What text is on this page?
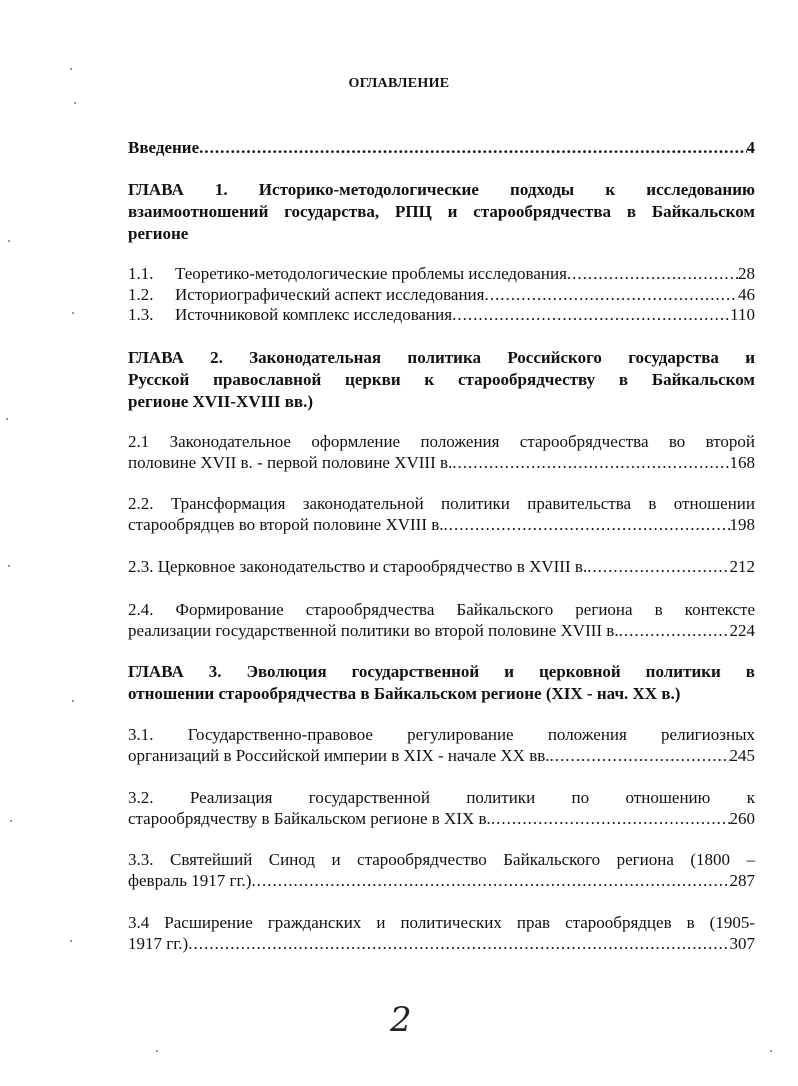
ОГЛАВЛЕНИЕ
Введение .....	4
ГЛАВА 1. Историко-методологические подходы к исследованию
взаимоотношений государства, РПЦ и старообрядчества в Байкальском
регионе
1.1. Теоретико-методологические проблемы исследования .....	28
1.2. Историографический аспект исследования .....	46
1.3. Источниковой комплекс исследования .....	110
ГЛАВА 2. Законодательная политика Российского государства и
Русской православной церкви к старообрядчеству в Байкальском
регионе XVII-XVIII вв.)
2.1 Законодательное оформление положения старообрядчества во второй
половине XVII в. - первой половине XVIII в. .....	168
2.2. Трансформация законодательной политики правительства в отношении
старообрядцев во второй половине XVIII в. .....	198
2.3. Церковное законодательство и старообрядчество в XVIII в. .....	212
2.4. Формирование старообрядчества Байкальского региона в контексте
реализации государственной политики во второй половине XVIII в. .....	224
ГЛАВА 3. Эволюция государственной и церковной политики в
отношении старообрядчества в Байкальском регионе (XIX - нач. XX в.)
3.1. Государственно-правовое регулирование положения религиозных
организаций в Российской империи в XIX - начале XX вв. .....	245
3.2. Реализация государственной политики по отношению к
старообрядчеству в Байкальском регионе в XIX в. .....	260
3.3. Святейший Синод и старообрядчество Байкальского региона (1800 –
февраль 1917 гг.) .....	287
3.4 Расширение гражданских и политических прав старообрядцев в (1905-
1917 гг.) .....	307
2
